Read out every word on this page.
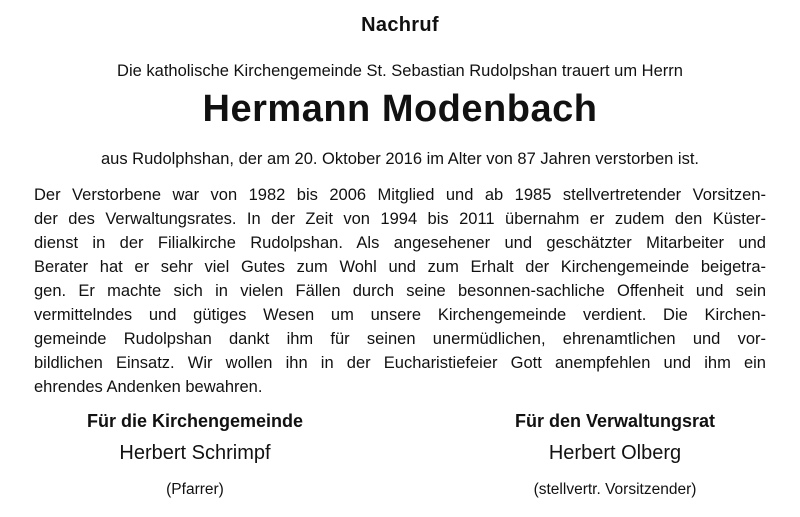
Nachruf
Die katholische Kirchengemeinde St. Sebastian Rudolpshan trauert um Herrn
Hermann Modenbach
aus Rudolphshan, der am 20. Oktober 2016 im Alter von 87 Jahren verstorben ist.
Der Verstorbene war von 1982 bis 2006 Mitglied und ab 1985 stellvertretender Vorsitzen-
der des Verwaltungsrates. In der Zeit von 1994 bis 2011 übernahm er zudem den Küster-
dienst in der Filialkirche Rudolpshan. Als angesehener und geschätzter Mitarbeiter und
Berater hat er sehr viel Gutes zum Wohl und zum Erhalt der Kirchengemeinde beigetra-
gen. Er machte sich in vielen Fällen durch seine besonnen-sachliche Offenheit und sein
vermittelndes und gütiges Wesen um unsere Kirchengemeinde verdient. Die Kirchen-
gemeinde Rudolpshan dankt ihm für seinen unermüdlichen, ehrenamtlichen und vor-
bildlichen Einsatz. Wir wollen ihn in der Eucharistiefeier Gott anempfehlen und ihm ein
ehrendes Andenken bewahren.
Für die Kirchengemeinde
Herbert Schrimpf
(Pfarrer)
Für den Verwaltungsrat
Herbert Olberg
(stellvertr. Vorsitzender)
